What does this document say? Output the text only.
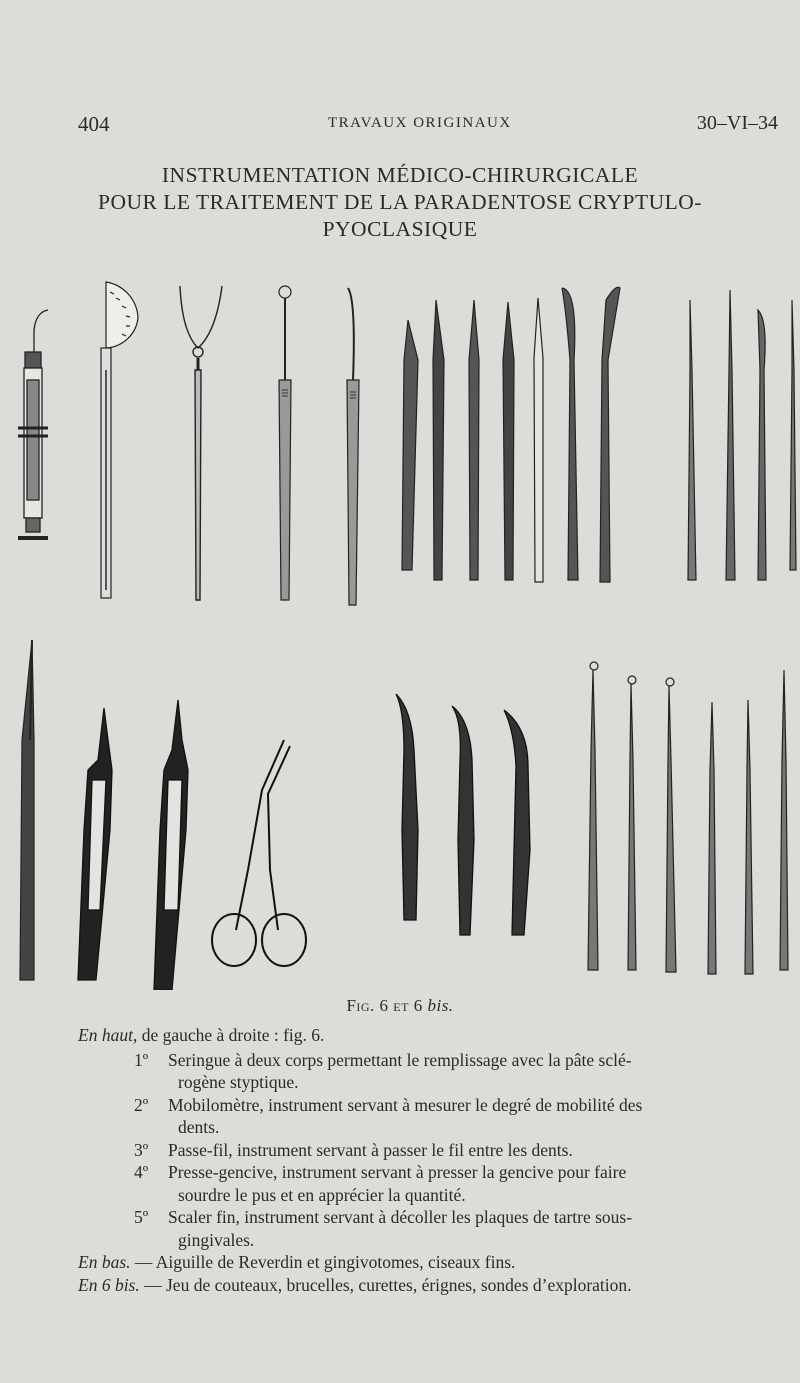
404	TRAVAUX ORIGINAUX	30–VI–34
INSTRUMENTATION MÉDICO-CHIRURGICALE
POUR LE TRAITEMENT DE LA PARADENTOSE CRYPTULO-
PYOCLASIQUE
Fig. 6 et 6 bis.

En haut, de gauche à droite : fig. 6.

1º Seringue à deux corps permettant le remplissage avec la pâte sclé-
rogène styptique.
2º Mobilomètre, instrument servant à mesurer le degré de mobilité des
dents.
3º Passe-fil, instrument servant à passer le fil entre les dents.
4º Presse-gencive, instrument servant à presser la gencive pour faire
sourdre le pus et en apprécier la quantité.
5º Scaler fin, instrument servant à décoller les plaques de tartre sous-
gingivales.

En bas. — Aiguille de Reverdin et gingivotomes, ciseaux fins.

En 6 bis. — Jeu de couteaux, brucelles, curettes, érignes, sondes d’exploration.
